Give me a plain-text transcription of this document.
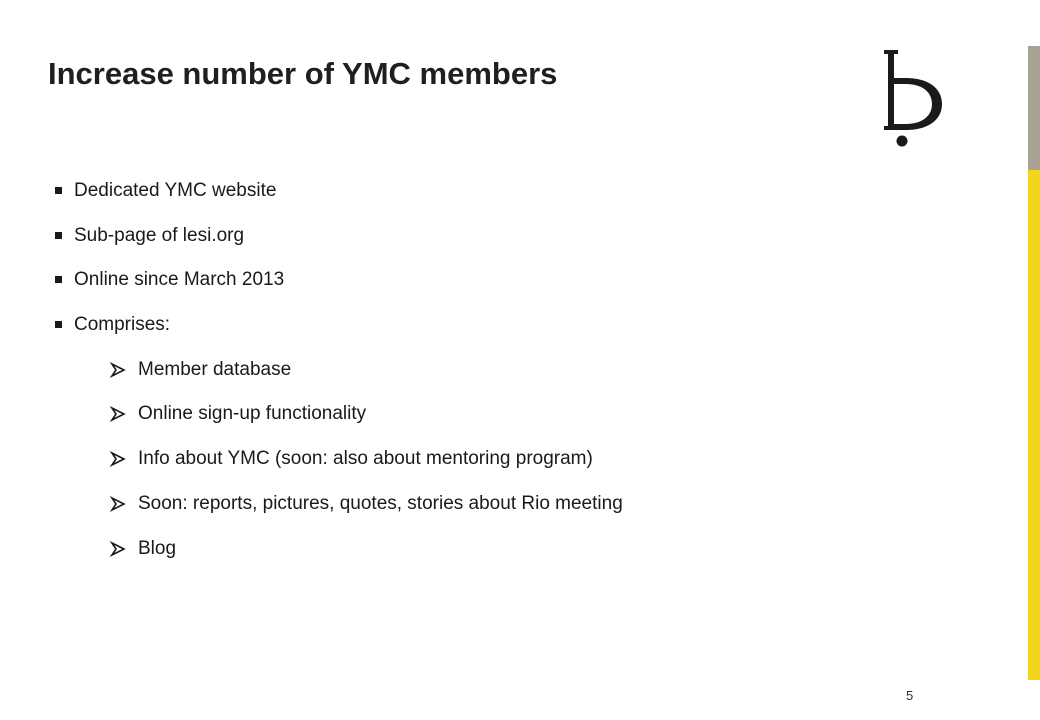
Increase number of YMC members
Dedicated YMC website
Sub-page of lesi.org
Online since March 2013
Comprises:
Member database
Online sign-up functionality
Info about YMC (soon: also about mentoring program)
Soon: reports, pictures, quotes, stories about Rio meeting
Blog
5
